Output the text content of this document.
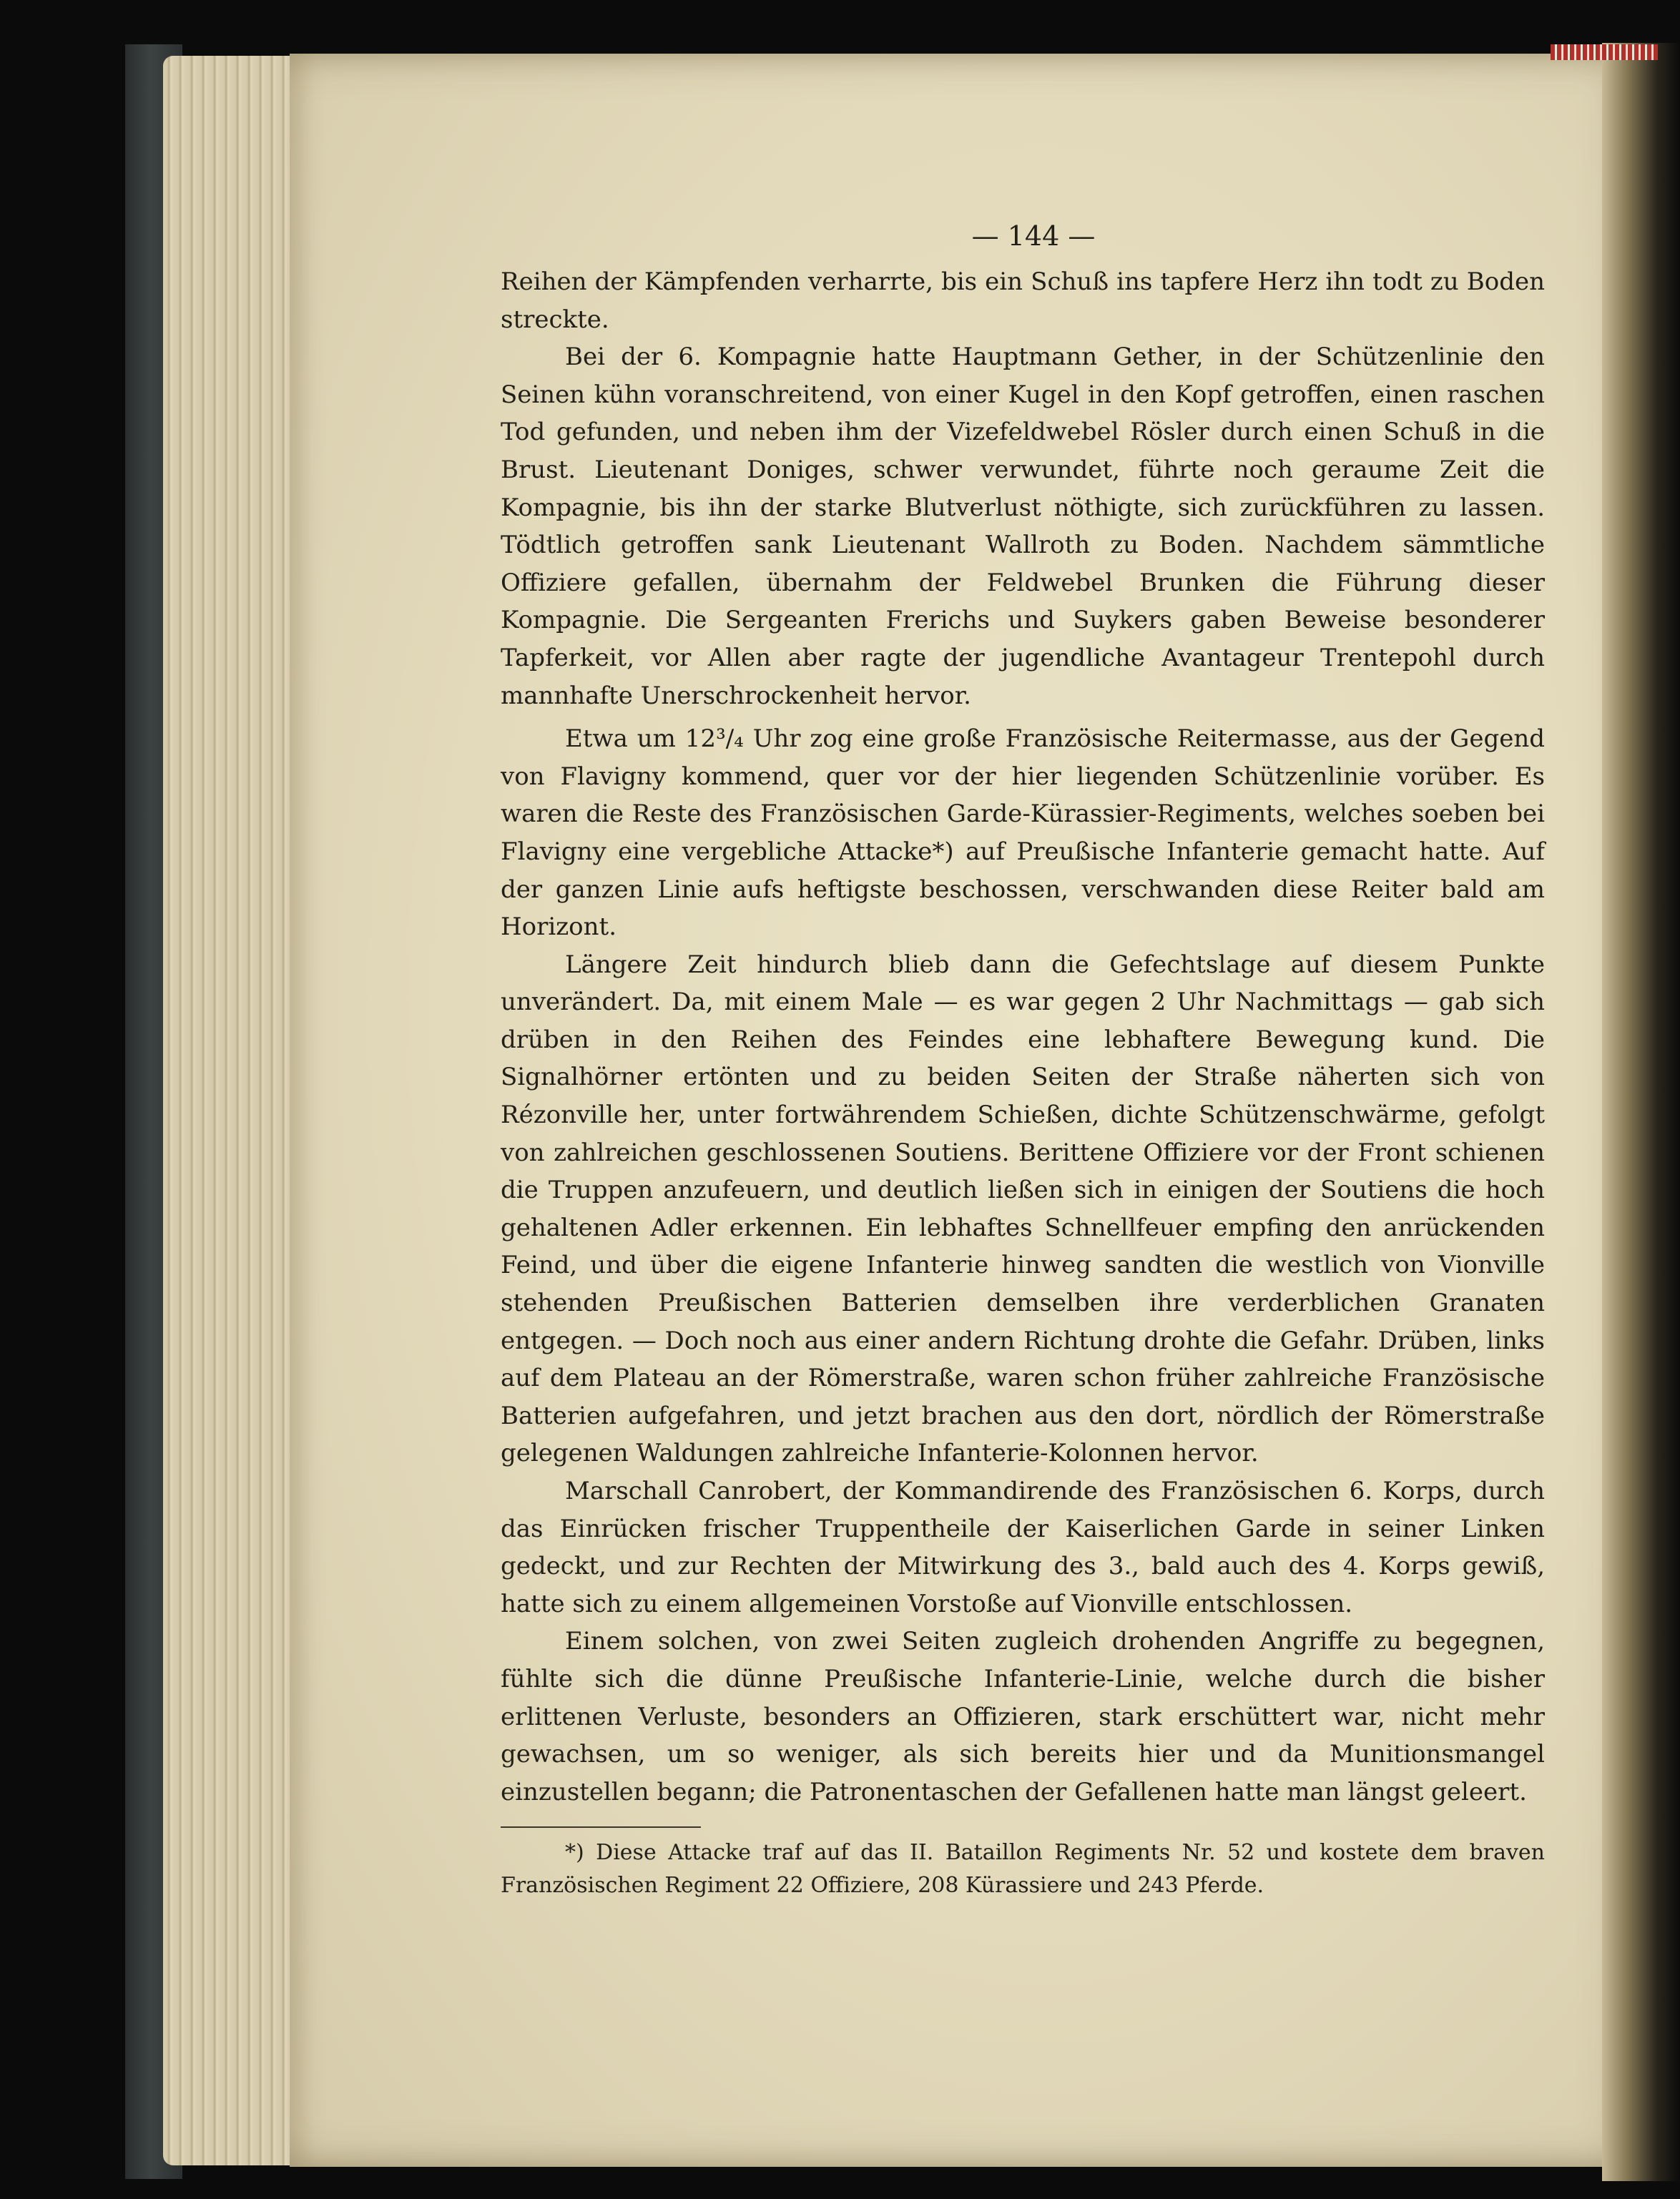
— 144 —

Reihen der Kämpfenden verharrte, bis ein Schuß ins tapfere Herz ihn todt zu Boden streckte.

Bei der 6. Kompagnie hatte Hauptmann Gether, in der Schützenlinie den Seinen kühn voranschreitend, von einer Kugel in den Kopf getroffen, einen raschen Tod gefunden, und neben ihm der Vizefeldwebel Rösler durch einen Schuß in die Brust. Lieutenant Doniges, schwer verwundet, führte noch geraume Zeit die Kompagnie, bis ihn der starke Blutverlust nöthigte, sich zurückführen zu lassen. Tödtlich getroffen sank Lieutenant Wallroth zu Boden. Nachdem sämmtliche Offiziere gefallen, übernahm der Feldwebel Brunken die Führung dieser Kompagnie. Die Sergeanten Frerichs und Suykers gaben Beweise besonderer Tapferkeit, vor Allen aber ragte der jugendliche Avantageur Trentepohl durch mannhafte Unerschrockenheit hervor.

Etwa um 12³/₄ Uhr zog eine große Französische Reitermasse, aus der Gegend von Flavigny kommend, quer vor der hier liegenden Schützenlinie vorüber. Es waren die Reste des Französischen Garde-Kürassier-Regiments, welches soeben bei Flavigny eine vergebliche Attacke*) auf Preußische Infanterie gemacht hatte. Auf der ganzen Linie aufs heftigste beschossen, verschwanden diese Reiter bald am Horizont.

Längere Zeit hindurch blieb dann die Gefechtslage auf diesem Punkte unverändert. Da, mit einem Male — es war gegen 2 Uhr Nachmittags — gab sich drüben in den Reihen des Feindes eine lebhaftere Bewegung kund. Die Signalhörner ertönten und zu beiden Seiten der Straße näherten sich von Rézonville her, unter fortwährendem Schießen, dichte Schützenschwärme, gefolgt von zahlreichen geschlossenen Soutiens. Berittene Offiziere vor der Front schienen die Truppen anzufeuern, und deutlich ließen sich in einigen der Soutiens die hoch gehaltenen Adler erkennen. Ein lebhaftes Schnellfeuer empfing den anrückenden Feind, und über die eigene Infanterie hinweg sandten die westlich von Vionville stehenden Preußischen Batterien demselben ihre verderblichen Granaten entgegen. — Doch noch aus einer andern Richtung drohte die Gefahr. Drüben, links auf dem Plateau an der Römerstraße, waren schon früher zahlreiche Französische Batterien aufgefahren, und jetzt brachen aus den dort, nördlich der Römerstraße gelegenen Waldungen zahlreiche Infanterie-Kolonnen hervor.

Marschall Canrobert, der Kommandirende des Französischen 6. Korps, durch das Einrücken frischer Truppentheile der Kaiserlichen Garde in seiner Linken gedeckt, und zur Rechten der Mitwirkung des 3., bald auch des 4. Korps gewiß, hatte sich zu einem allgemeinen Vorstoße auf Vionville entschlossen.

Einem solchen, von zwei Seiten zugleich drohenden Angriffe zu begegnen, fühlte sich die dünne Preußische Infanterie-Linie, welche durch die bisher erlittenen Verluste, besonders an Offizieren, stark erschüttert war, nicht mehr gewachsen, um so weniger, als sich bereits hier und da Munitionsmangel einzustellen begann; die Patronentaschen der Gefallenen hatte man längst geleert.

*) Diese Attacke traf auf das II. Bataillon Regiments Nr. 52 und kostete dem braven Französischen Regiment 22 Offiziere, 208 Kürassiere und 243 Pferde.
